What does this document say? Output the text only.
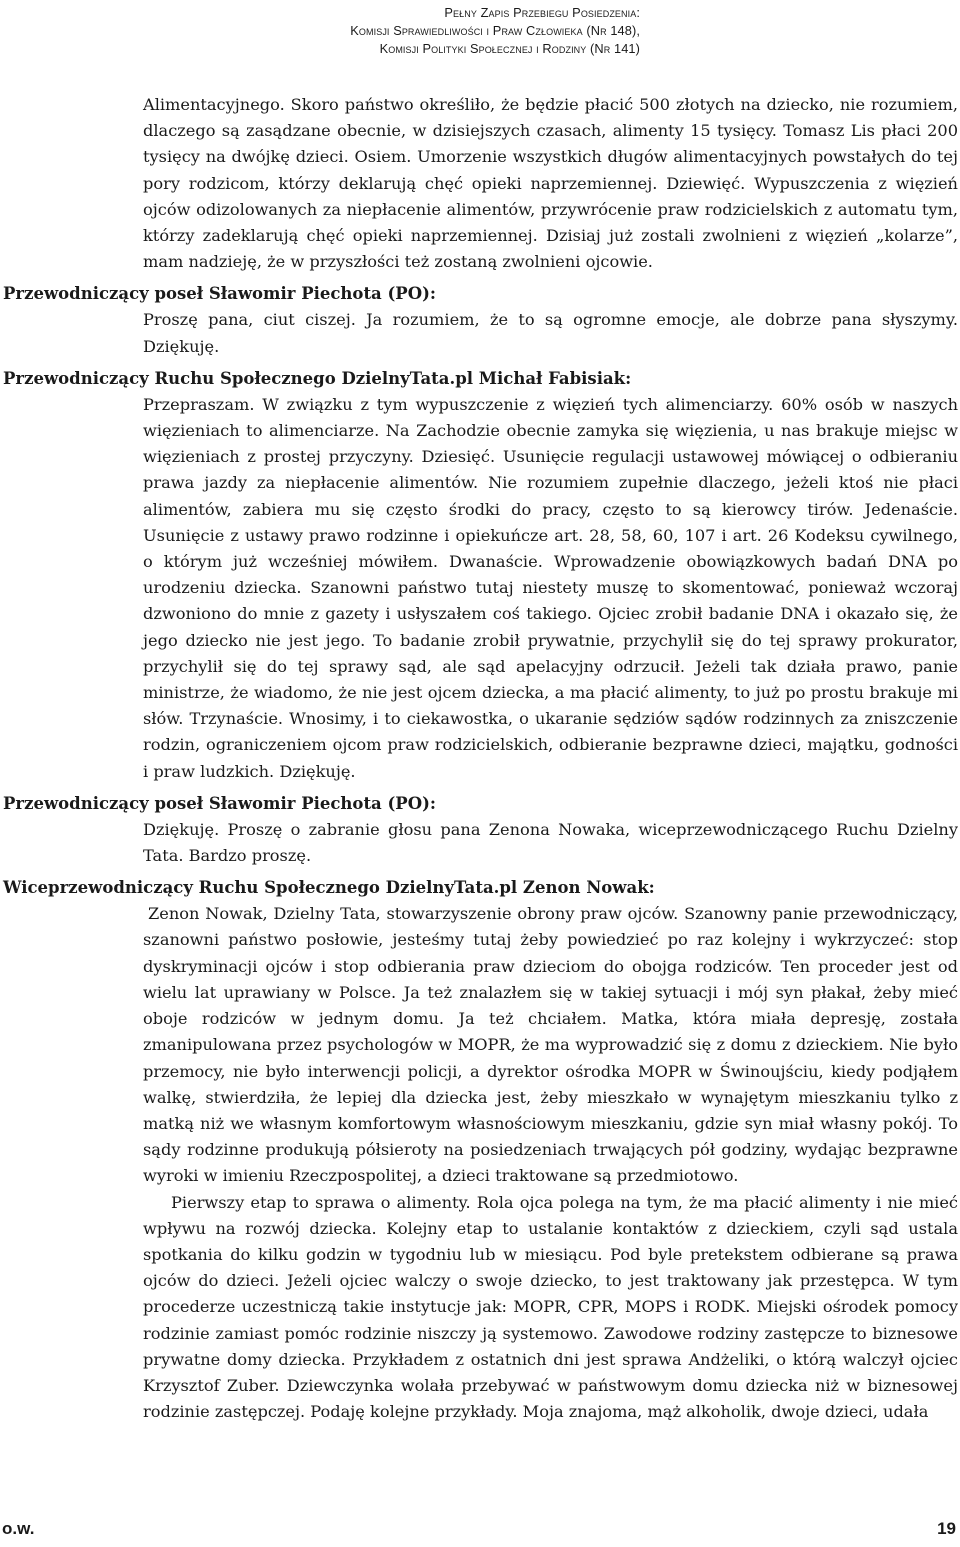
Pełny Zapis Przebiegu Posiedzenia:
Komisji Sprawiedliwości i Praw Człowieka (Nr 148),
Komisji Polityki Społecznej i Rodziny (Nr 141)
Alimentacyjnego. Skoro państwo określiło, że będzie płacić 500 złotych na dziecko, nie rozumiem, dlaczego są zasądzane obecnie, w dzisiejszych czasach, alimenty 15 tysięcy. Tomasz Lis płaci 200 tysięcy na dwójkę dzieci. Osiem. Umorzenie wszystkich długów alimentacyjnych powstałych do tej pory rodzicom, którzy deklarują chęć opieki naprzemiennej. Dziewięć. Wypuszczenia z więzień ojców odizolowanych za niepłacenie alimentów, przywrócenie praw rodzicielskich z automatu tym, którzy zadeklarują chęć opieki naprzemiennej. Dzisiaj już zostali zwolnieni z więzień „kolarze”, mam nadzieję, że w przyszłości też zostaną zwolnieni ojcowie.
Przewodniczący poseł Sławomir Piechota (PO):
Proszę pana, ciut ciszej. Ja rozumiem, że to są ogromne emocje, ale dobrze pana słyszymy. Dziękuję.
Przewodniczący Ruchu Społecznego DzielnyTata.pl Michał Fabisiak:
Przepraszam. W związku z tym wypuszczenie z więzień tych alimenciarzy. 60% osób w naszych więzieniach to alimenciarze. Na Zachodzie obecnie zamyka się więzienia, u nas brakuje miejsc w więzieniach z prostej przyczyny. Dziesięć. Usunięcie regulacji ustawowej mówiącej o odbieraniu prawa jazdy za niepłacenie alimentów. Nie rozumiem zupełnie dlaczego, jeżeli ktoś nie płaci alimentów, zabiera mu się często środki do pracy, często to są kierowcy tirów. Jedenaście. Usunięcie z ustawy prawo rodzinne i opiekuńcze art. 28, 58, 60, 107 i art. 26 Kodeksu cywilnego, o którym już wcześniej mówiłem. Dwanaście. Wprowadzenie obowiązkowych badań DNA po urodzeniu dziecka. Szanowni państwo tutaj niestety muszę to skomentować, ponieważ wczoraj dzwoniono do mnie z gazety i usłyszałem coś takiego. Ojciec zrobił badanie DNA i okazało się, że jego dziecko nie jest jego. To badanie zrobił prywatnie, przychylił się do tej sprawy prokurator, przychylił się do tej sprawy sąd, ale sąd apelacyjny odrzucił. Jeżeli tak działa prawo, panie ministrze, że wiadomo, że nie jest ojcem dziecka, a ma płacić alimenty, to już po prostu brakuje mi słów. Trzynaście. Wnosimy, i to ciekawostka, o ukaranie sędziów sądów rodzinnych za zniszczenie rodzin, ograniczeniem ojcom praw rodzicielskich, odbieranie bezprawne dzieci, majątku, godności i praw ludzkich. Dziękuję.
Przewodniczący poseł Sławomir Piechota (PO):
Dziękuję. Proszę o zabranie głosu pana Zenona Nowaka, wiceprzewodniczącego Ruchu Dzielny Tata. Bardzo proszę.
Wiceprzewodniczący Ruchu Społecznego DzielnyTata.pl Zenon Nowak:
Zenon Nowak, Dzielny Tata, stowarzyszenie obrony praw ojców. Szanowny panie przewodniczący, szanowni państwo posłowie, jesteśmy tutaj żeby powiedzieć po raz kolejny i wykrzyczeć: stop dyskryminacji ojców i stop odbierania praw dzieciom do obojga rodziców. Ten proceder jest od wielu lat uprawiany w Polsce. Ja też znalazłem się w takiej sytuacji i mój syn płakał, żeby mieć oboje rodziców w jednym domu. Ja też chciałem. Matka, która miała depresję, została zmanipulowana przez psychologów w MOPR, że ma wyprowadzić się z domu z dzieckiem. Nie było przemocy, nie było interwencji policji, a dyrektor ośrodka MOPR w Świnoujściu, kiedy podjąłem walkę, stwierdziła, że lepiej dla dziecka jest, żeby mieszkało w wynajętym mieszkaniu tylko z matką niż we własnym komfortowym własnościowym mieszkaniu, gdzie syn miał własny pokój. To sądy rodzinne produkują półsieroty na posiedzeniach trwających pół godziny, wydając bezprawne wyroki w imieniu Rzeczpospolitej, a dzieci traktowane są przedmiotowo.
Pierwszy etap to sprawa o alimenty. Rola ojca polega na tym, że ma płacić alimenty i nie mieć wpływu na rozwój dziecka. Kolejny etap to ustalanie kontaktów z dzieckiem, czyli sąd ustala spotkania do kilku godzin w tygodniu lub w miesiącu. Pod byle pretekstem odbierane są prawa ojców do dzieci. Jeżeli ojciec walczy o swoje dziecko, to jest traktowany jak przestępca. W tym procederze uczestniczą takie instytucje jak: MOPR, CPR, MOPS i RODK. Miejski ośrodek pomocy rodzinie zamiast pomóc rodzinie niszczy ją systemowo. Zawodowe rodziny zastępcze to biznesowe prywatne domy dziecka. Przykładem z ostatnich dni jest sprawa Andżeliki, o którą walczył ojciec Krzysztof Zuber. Dziewczynka wolała przebywać w państwowym domu dziecka niż w biznesowej rodzinie zastępczej. Podaję kolejne przykłady. Moja znajoma, mąż alkoholik, dwoje dzieci, udała
o.w.	19
